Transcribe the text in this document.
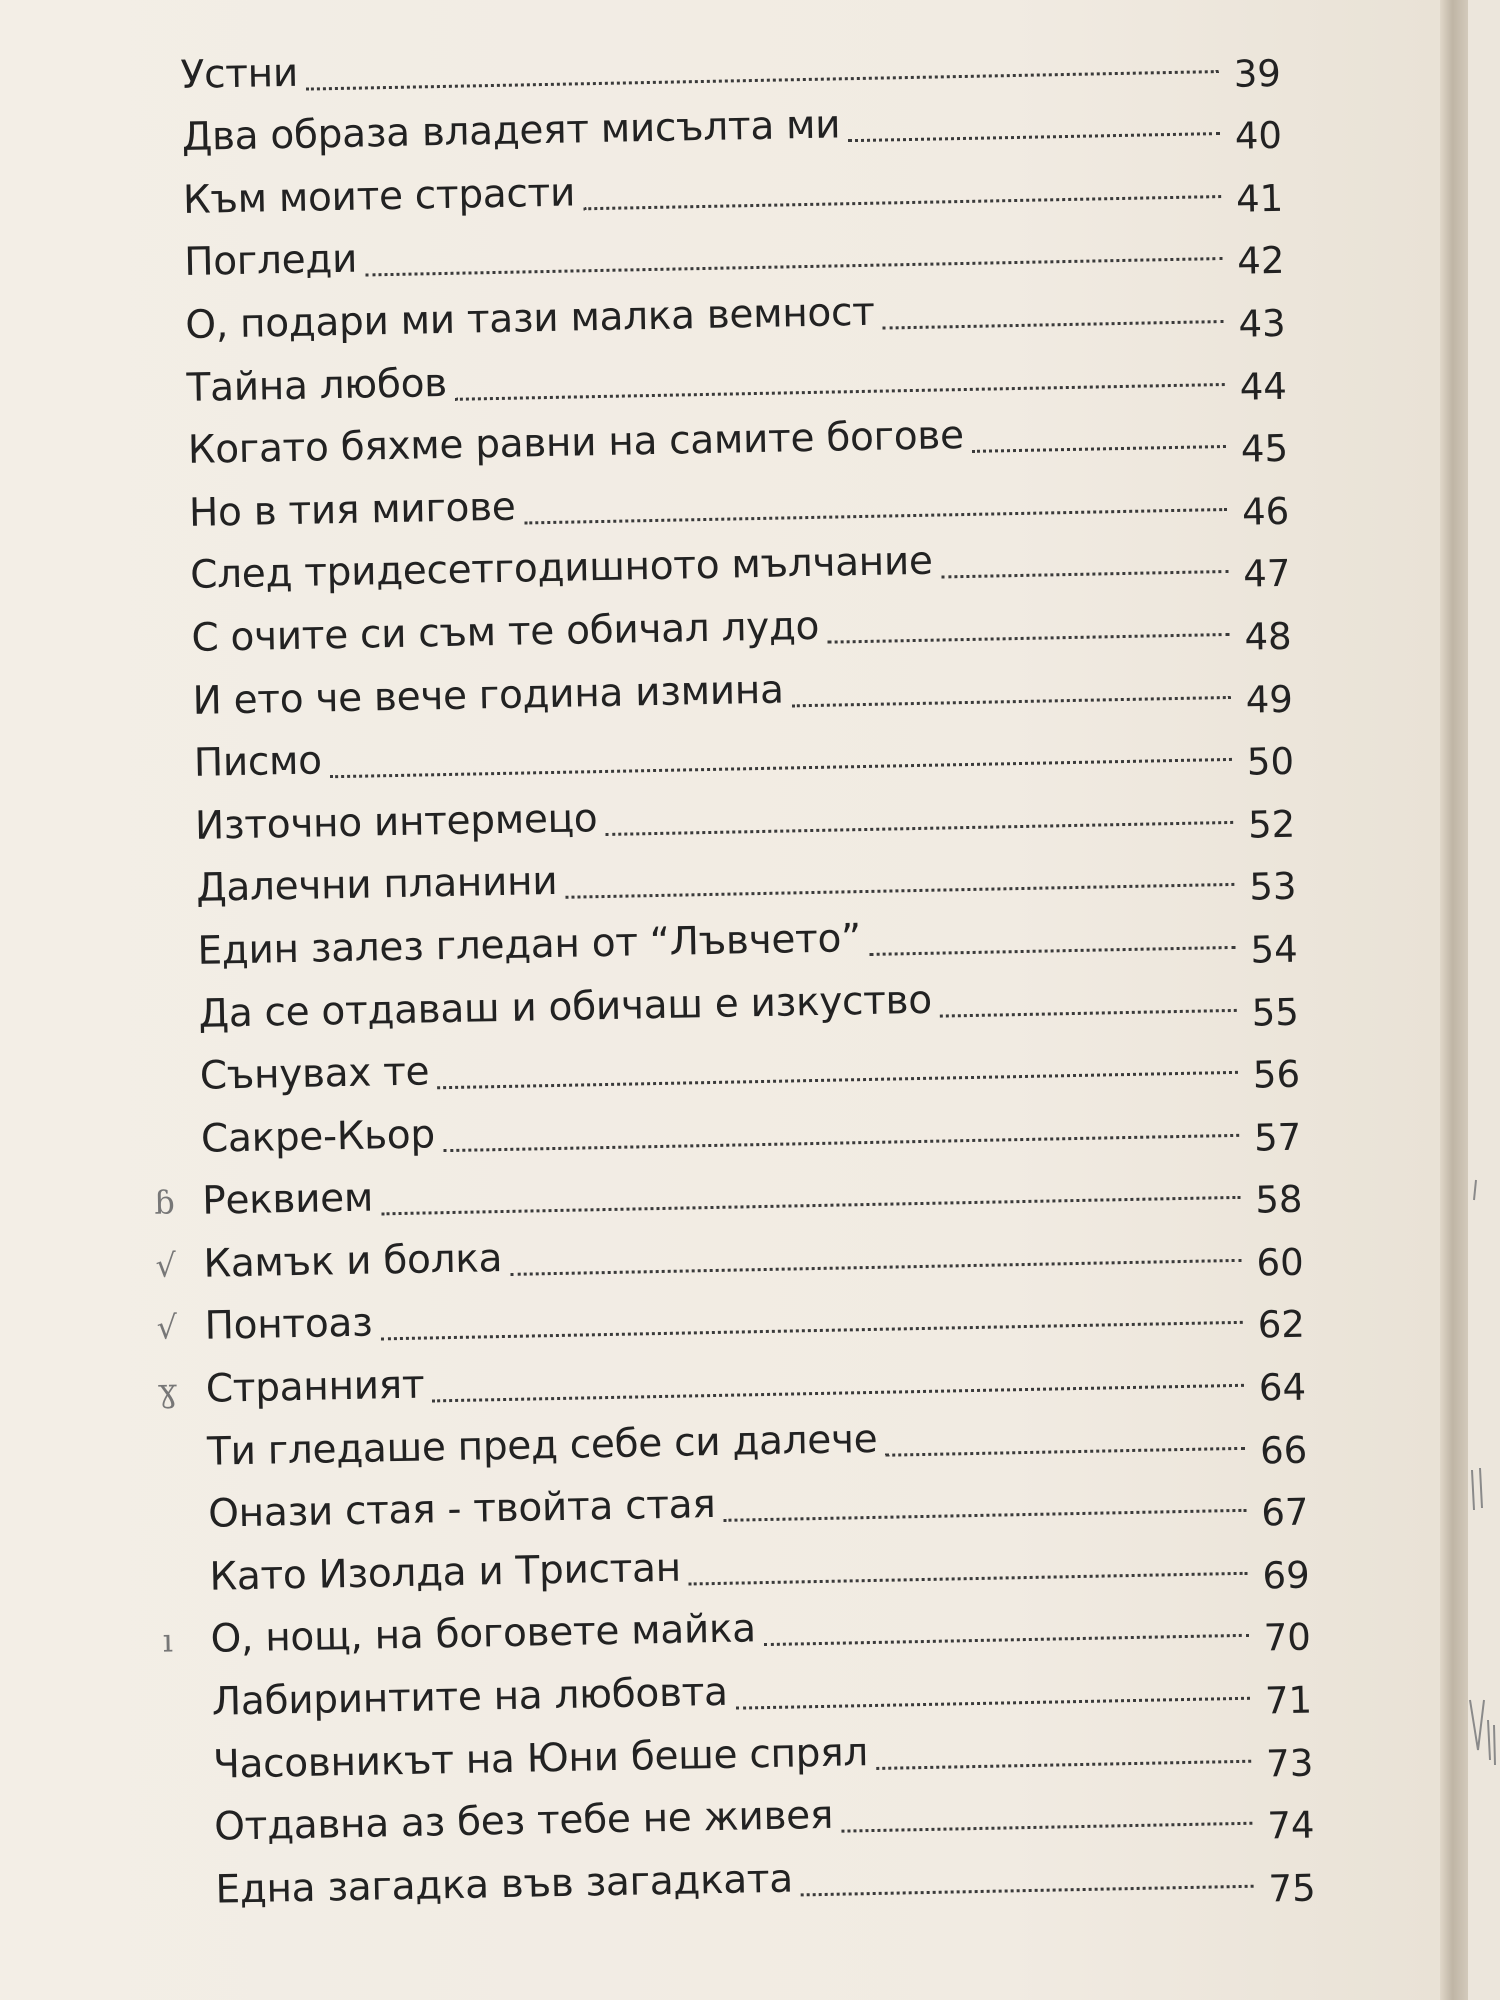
Устни	39
Два образа владеят мисълта ми	40
Към моите страсти	41
Погледи	42
О, подари ми тази малка вемност	43
Тайна любов	44
Когато бяхме равни на самите богове	45
Но в тия мигове	46
След тридесетгодишното мълчание	47
С очите си съм те обичал лудо	48
И ето че вече година измина	49
Писмо	50
Източно интермецо	52
Далечни планини	53
Един залез гледан от “Лъвчето”	54
Да се отдаваш и обичаш е изкуство	55
Сънувах те	56
Сакре-Кьор	57
ɓ Реквием	58
√ Камък и болка	60
√ Понтоаз	62
ɣ Странният	64
Ти гледаше пред себе си далече	66
Онази стая - твойта стая	67
Като Изолда и Тристан	69
ı О, нощ, на боговете майка	70
Лабиринтите на любовта	71
Часовникът на Юни беше спрял	73
Отдавна аз без тебе не живея	74
Една загадка във загадката	75
